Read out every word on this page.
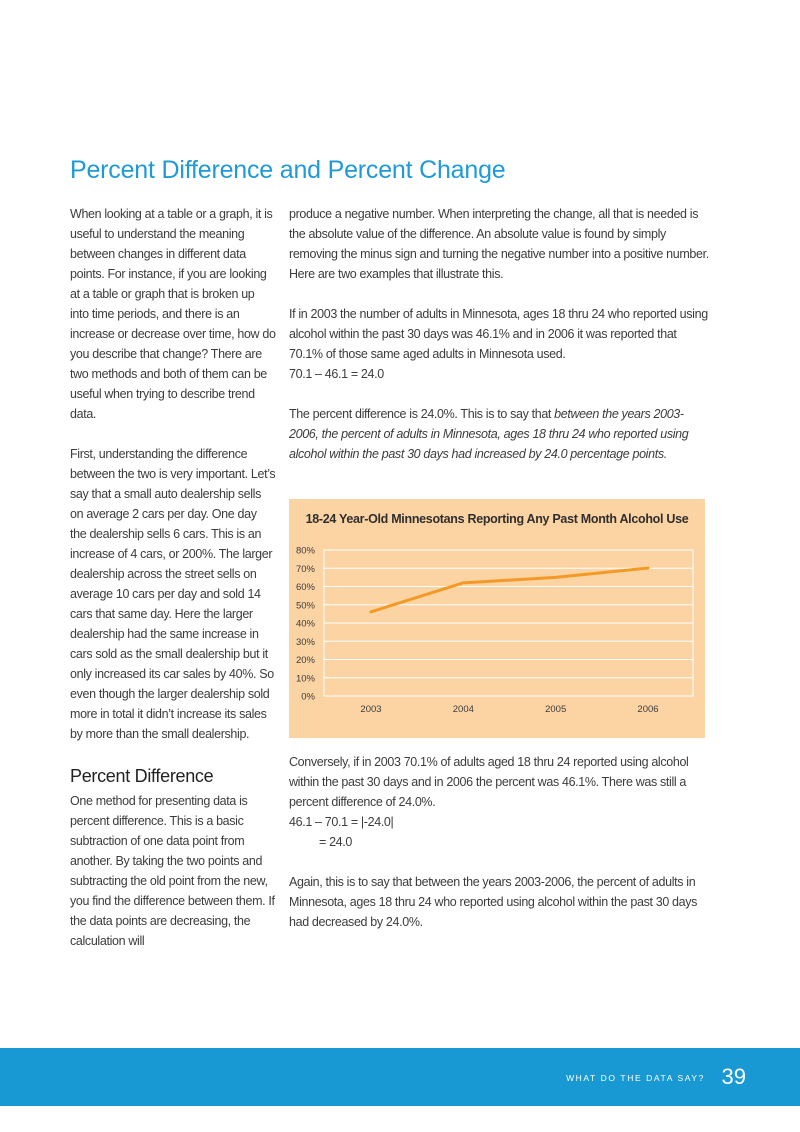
Percent Difference and Percent Change

When looking at a table or a graph, it is useful to understand the meaning between changes in different data points. For instance, if you are looking at a table or graph that is broken up into time periods, and there is an increase or decrease over time, how do you describe that change? There are two methods and both of them can be useful when trying to describe trend data.

First, understanding the difference between the two is very important. Let’s say that a small auto dealership sells on average 2 cars per day. One day the dealership sells 6 cars. This is an increase of 4 cars, or 200%. The larger dealership across the street sells on average 10 cars per day and sold 14 cars that same day. Here the larger dealership had the same increase in cars sold as the small dealership but it only increased its car sales by 40%. So even though the larger dealership sold more in total it didn’t increase its sales by more than the small dealership.

Percent Difference

One method for presenting data is percent difference. This is a basic subtraction of one data point from another. By taking the two points and subtracting the old point from the new, you find the difference between them. If the data points are decreasing, the calculation will

produce a negative number. When interpreting the change, all that is needed is the absolute value of the difference. An absolute value is found by simply removing the minus sign and turning the negative number into a positive number. Here are two examples that illustrate this.

If in 2003 the number of adults in Minnesota, ages 18 thru 24 who reported using alcohol within the past 30 days was 46.1% and in 2006 it was reported that 70.1% of those same aged adults in Minnesota used.

70.1 – 46.1 = 24.0

The percent difference is 24.0%. This is to say that between the years 2003-2006, the percent of adults in Minnesota, ages 18 thru 24 who reported using alcohol within the past 30 days had increased by 24.0 percentage points.

Conversely, if in 2003 70.1% of adults aged 18 thru 24 reported using alcohol within the past 30 days and in 2006 the percent was 46.1%. There was still a percent difference of 24.0%.

46.1 – 70.1 = |-24.0|

= 24.0

Again, this is to say that between the years 2003-2006, the percent of adults in Minnesota, ages 18 thru 24 who reported using alcohol within the past 30 days had decreased by 24.0%.

18-24 Year-Old Minnesotans Reporting Any Past Month Alcohol Use
0%
10%
20%
30%
40%
50%
60%
70%
80%
2003	2004	2005	2006
WHAT DO THE DATA SAY? 39
